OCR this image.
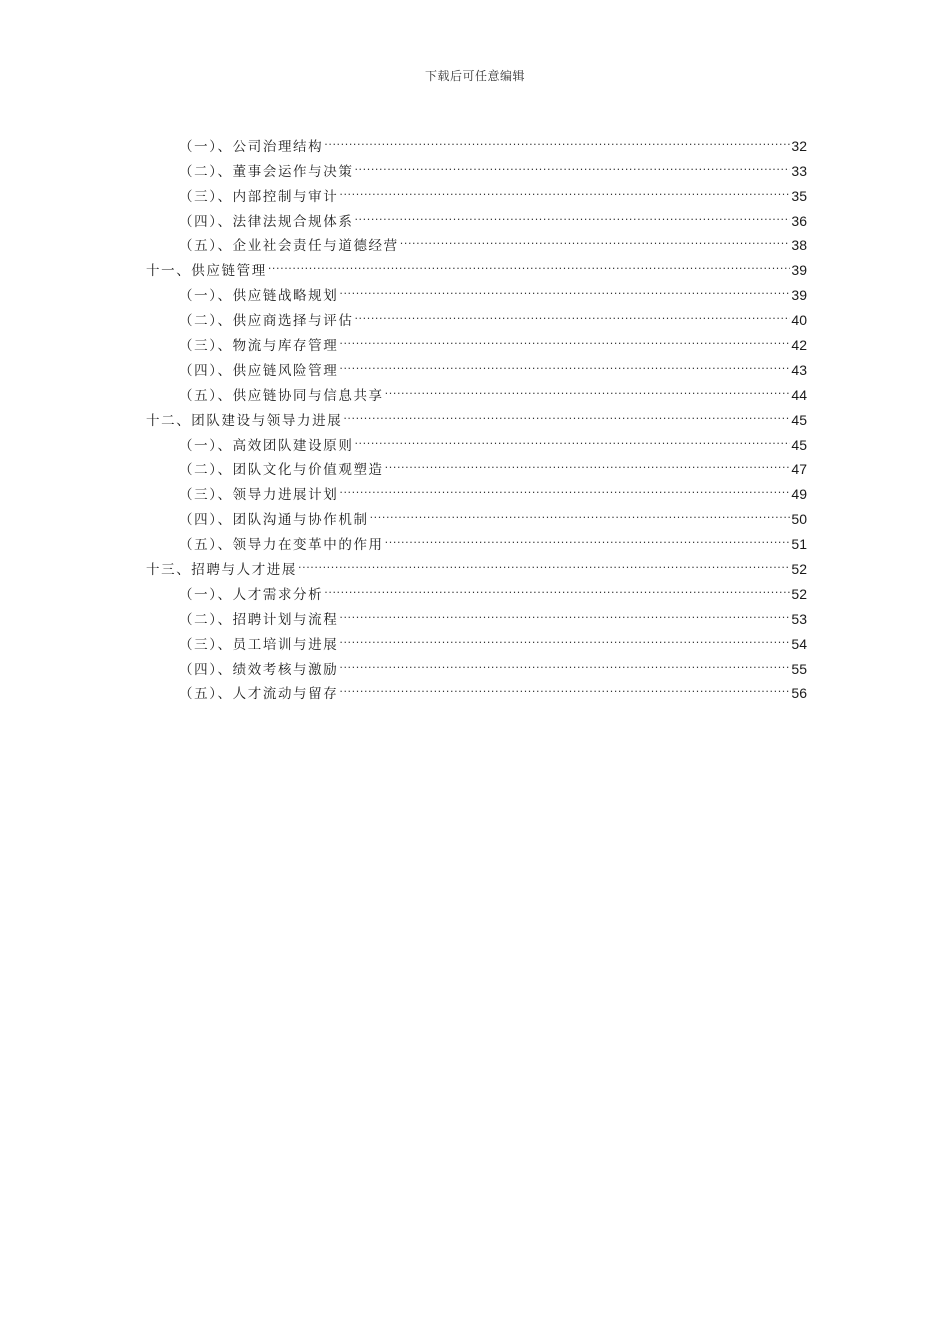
下载后可任意编辑
（一）、公司治理结构 .....	32
（二）、董事会运作与决策 .....	33
（三）、内部控制与审计 .....	35
（四）、法律法规合规体系 .....	36
（五）、企业社会责任与道德经营 .....	38
十一、供应链管理 .....	39
（一）、供应链战略规划 .....	39
（二）、供应商选择与评估 .....	40
（三）、物流与库存管理 .....	42
（四）、供应链风险管理 .....	43
（五）、供应链协同与信息共享 .....	44
十二、团队建设与领导力进展 .....	45
（一）、高效团队建设原则 .....	45
（二）、团队文化与价值观塑造 .....	47
（三）、领导力进展计划 .....	49
（四）、团队沟通与协作机制 .....	50
（五）、领导力在变革中的作用 .....	51
十三、招聘与人才进展 .....	52
（一）、人才需求分析 .....	52
（二）、招聘计划与流程 .....	53
（三）、员工培训与进展 .....	54
（四）、绩效考核与激励 .....	55
（五）、人才流动与留存 .....	56
